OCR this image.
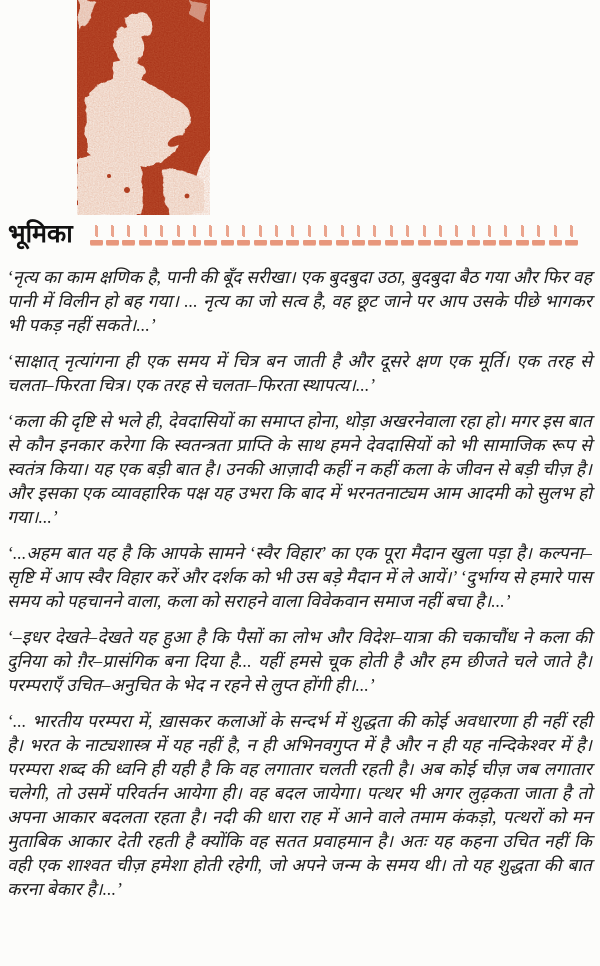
भूमिका

‘नृत्य का काम क्षणिक है, पानी की बूँद सरीखा। एक बुदबुदा उठा, बुदबुदा बैठ गया और फिर वह पानी में विलीन हो बह गया। ... नृत्य का जो सत्व है, वह छूट जाने पर आप उसके पीछे भागकर भी पकड़ नहीं सकते।...’

‘साक्षात् नृत्यांगना ही एक समय में चित्र बन जाती है और दूसरे क्षण एक मूर्ति। एक तरह से चलता–फिरता चित्र। एक तरह से चलता–फिरता स्थापत्य।...’

‘कला की दृष्टि से भले ही, देवदासियों का समाप्त होना, थोड़ा अखरनेवाला रहा हो। मगर इस बात से कौन इनकार करेगा कि स्वतन्त्रता प्राप्ति के साथ हमने देवदासियों को भी सामाजिक रूप से स्वतंत्र किया। यह एक बड़ी बात है। उनकी आज़ादी कहीं न कहीं कला के जीवन से बड़ी चीज़ है। और इसका एक व्यावहारिक पक्ष यह उभरा कि बाद में भरनतनाट्यम आम आदमी को सुलभ हो गया।...’

‘...अहम बात यह है कि आपके सामने ‘स्वैर विहार’ का एक पूरा मैदान खुला पड़ा है। कल्पना–सृष्टि में आप स्वैर विहार करें और दर्शक को भी उस बड़े मैदान में ले आयें।’ ‘दुर्भाग्य से हमारे पास समय को पहचानने वाला, कला को सराहने वाला विवेकवान समाज नहीं बचा है।...’

‘–इधर देखते–देखते यह हुआ है कि पैसों का लोभ और विदेश–यात्रा की चकाचौंध ने कला की दुनिया को ग़ैर–प्रासंगिक बना दिया है... यहीं हमसे चूक होती है और हम छीजते चले जाते है। परम्पराएँ उचित–अनुचित के भेद न रहने से लुप्त होंगी ही।...’

‘... भारतीय परम्परा में, ख़ासकर कलाओं के सन्दर्भ में शुद्धता की कोई अवधारणा ही नहीं रही है। भरत के नाट्यशास्त्र में यह नहीं है, न ही अभिनवगुप्त में है और न ही यह नन्दिकेश्वर में है। परम्परा शब्द की ध्वनि ही यही है कि वह लगातार चलती रहती है। अब कोई चीज़ जब लगातार चलेगी, तो उसमें परिवर्तन आयेगा ही। वह बदल जायेगा। पत्थर भी अगर लुढ़कता जाता है तो अपना आकार बदलता रहता है। नदी की धारा राह में आने वाले तमाम कंकड़ो, पत्थरों को मन मुताबिक आकार देती रहती है क्योंकि वह सतत प्रवाहमान है। अतः यह कहना उचित नहीं कि वही एक शाश्वत चीज़ हमेशा होती रहेगी, जो अपने जन्म के समय थी। तो यह शुद्धता की बात करना बेकार है।...’
